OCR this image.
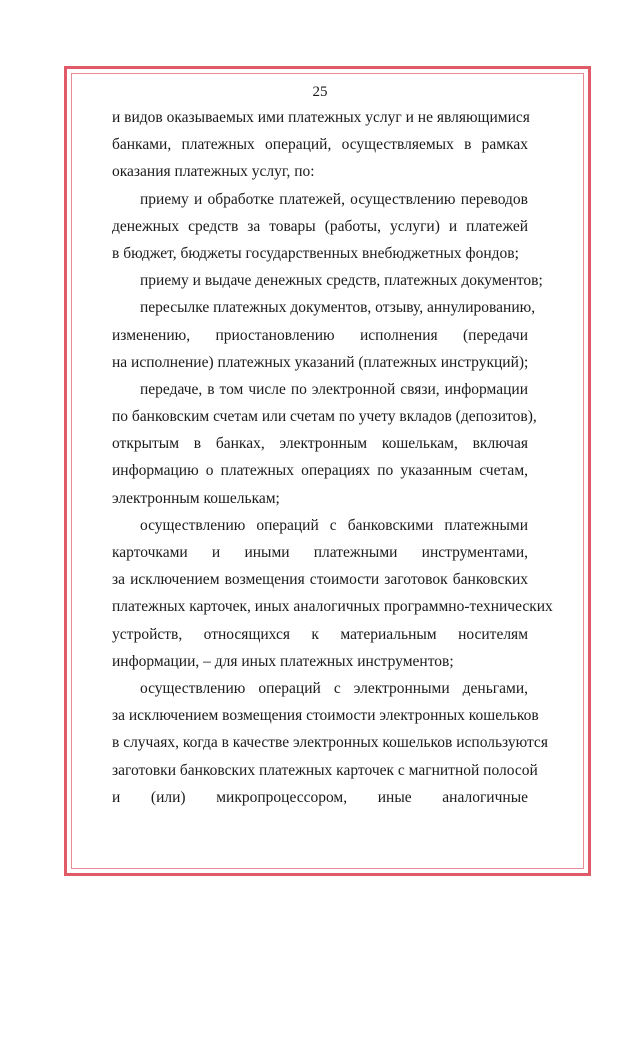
25
и видов оказываемых ими платежных услуг и не являющимися
банками, платежных операций, осуществляемых в рамках
оказания платежных услуг, по:
приему и обработке платежей, осуществлению переводов
денежных средств за товары (работы, услуги) и платежей
в бюджет, бюджеты государственных внебюджетных фондов;
приему и выдаче денежных средств, платежных документов;
пересылке платежных документов, отзыву, аннулированию,
изменению, приостановлению исполнения (передачи
на исполнение) платежных указаний (платежных инструкций);
передаче, в том числе по электронной связи, информации
по банковским счетам или счетам по учету вкладов (депозитов),
открытым в банках, электронным кошелькам, включая
информацию о платежных операциях по указанным счетам,
электронным кошелькам;
осуществлению операций с банковскими платежными
карточками и иными платежными инструментами,
за исключением возмещения стоимости заготовок банковских
платежных карточек, иных аналогичных программно-технических
устройств, относящихся к материальным носителям
информации, – для иных платежных инструментов;
осуществлению операций с электронными деньгами,
за исключением возмещения стоимости электронных кошельков
в случаях, когда в качестве электронных кошельков используются
заготовки банковских платежных карточек с магнитной полосой
и (или) микропроцессором, иные аналогичные
